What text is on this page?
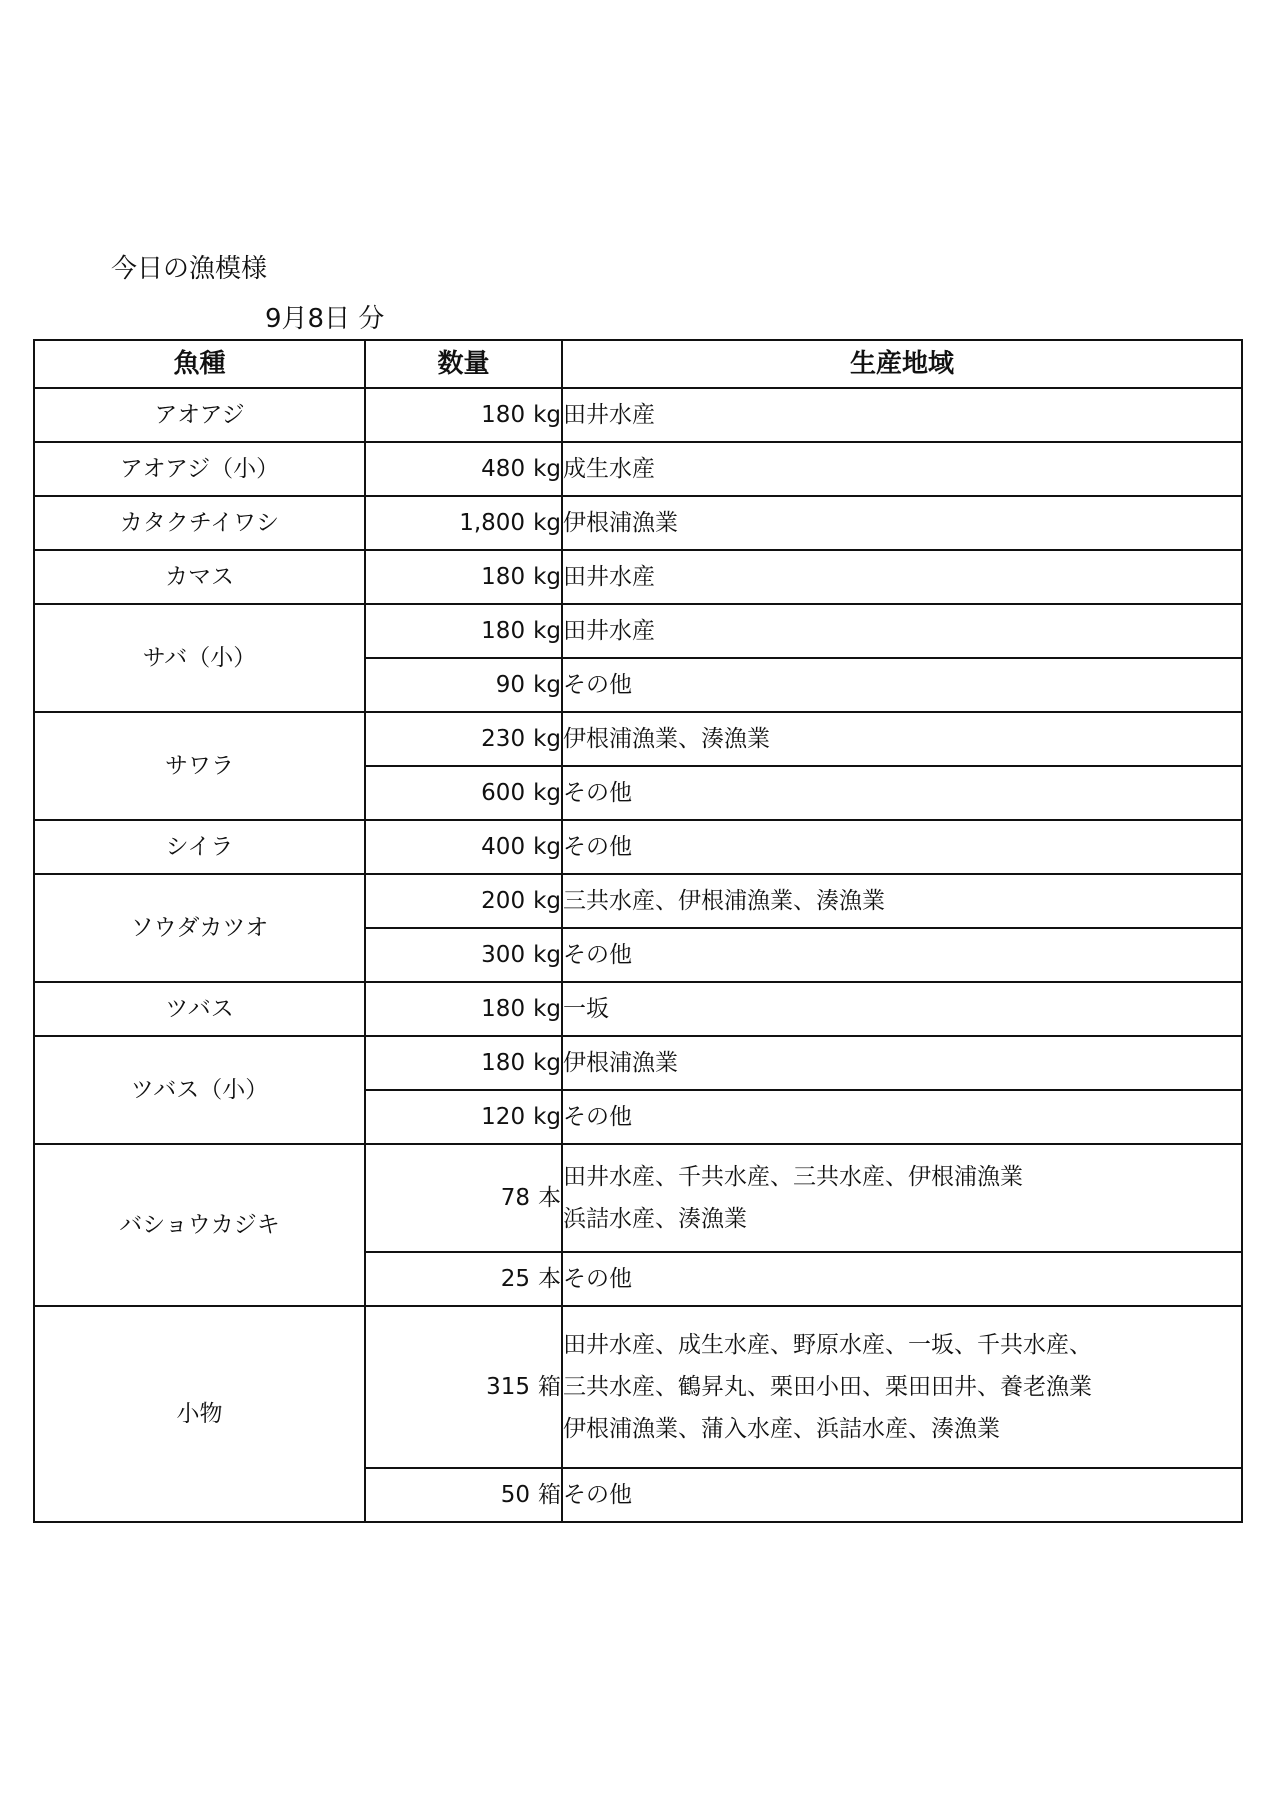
今日の漁模様
9月8日 分
魚種	数量	生産地域
アオアジ	180 kg	田井水産

アオアジ（小）	480 kg	成生水産

カタクチイワシ	1,800 kg	伊根浦漁業

カマス	180 kg	田井水産

サバ（小）	180 kg	田井水産

	90 kg	その他

サワラ	230 kg	伊根浦漁業、湊漁業

	600 kg	その他

シイラ	400 kg	その他

ソウダカツオ	200 kg	三共水産、伊根浦漁業、湊漁業

	300 kg	その他

ツバス	180 kg	一坂

ツバス（小）	180 kg	伊根浦漁業

	120 kg	その他

バショウカジキ	78 本	田井水産、千共水産、三共水産、伊根浦漁業
浜詰水産、湊漁業

	25 本	その他

小物	315 箱	田井水産、成生水産、野原水産、一坂、千共水産、
三共水産、鶴昇丸、栗田小田、栗田田井、養老漁業
伊根浦漁業、蒲入水産、浜詰水産、湊漁業

	50 箱	その他
